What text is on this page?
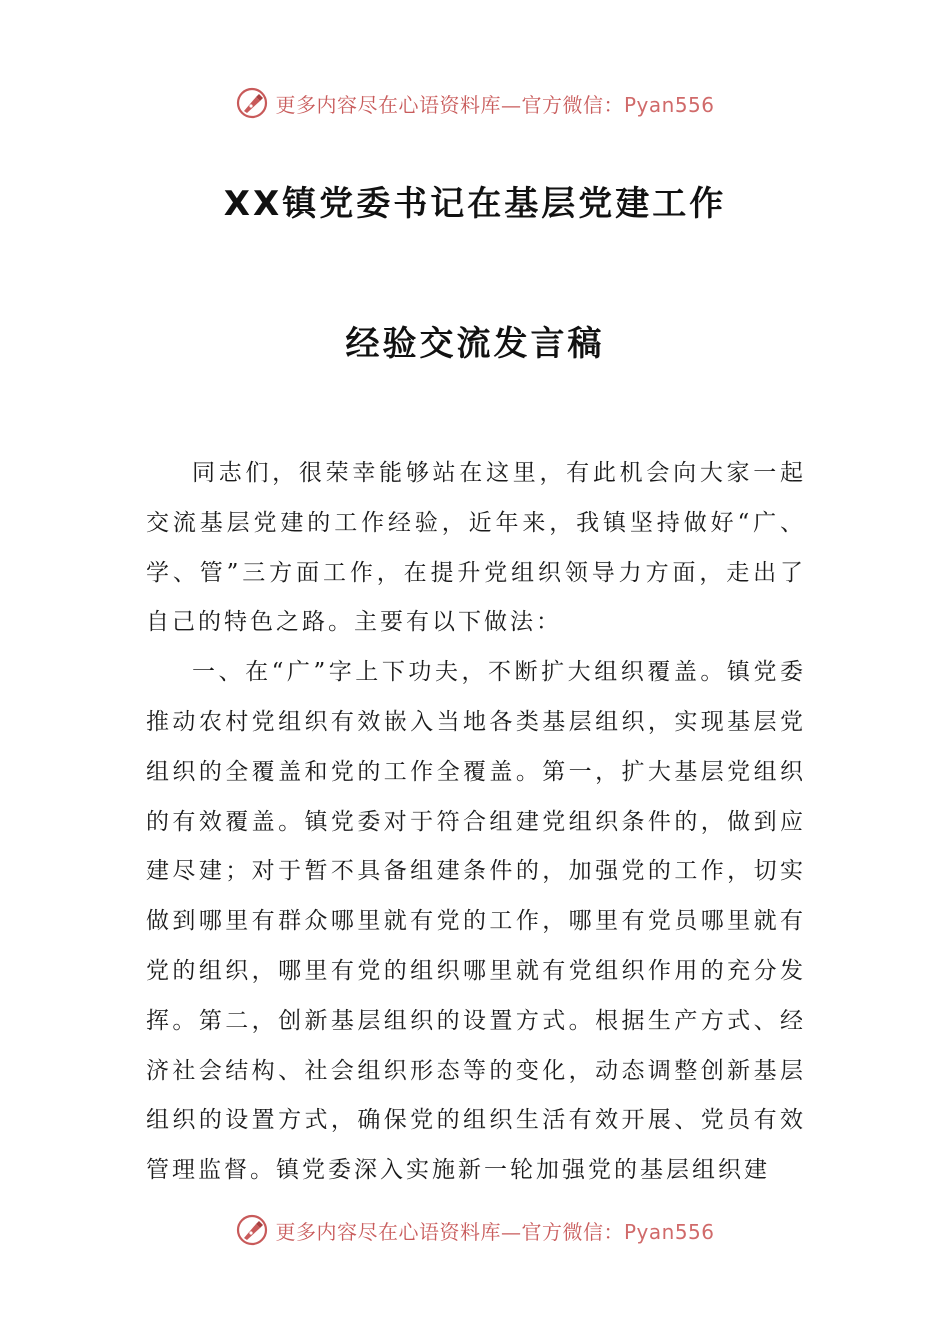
更多内容尽在心语资料库—官方微信：Pyan556
XX镇党委书记在基层党建工作
经验交流发言稿

同志们，很荣幸能够站在这里，有此机会向大家一起交流基层党建的工作经验，近年来，我镇坚持做好“广、学、管”三方面工作，在提升党组织领导力方面，走出了自己的特色之路。主要有以下做法：

一、在“广”字上下功夫，不断扩大组织覆盖。镇党委推动农村党组织有效嵌入当地各类基层组织，实现基层党组织的全覆盖和党的工作全覆盖。第一，扩大基层党组织的有效覆盖。镇党委对于符合组建党组织条件的，做到应建尽建；对于暂不具备组建条件的，加强党的工作，切实做到哪里有群众哪里就有党的工作，哪里有党员哪里就有党的组织，哪里有党的组织哪里就有党组织作用的充分发挥。第二，创新基层组织的设置方式。根据生产方式、经济社会结构、社会组织形态等的变化，动态调整创新基层组织的设置方式，确保党的组织生活有效开展、党员有效管理监督。镇党委深入实施新一轮加强党的基层组织建

更多内容尽在心语资料库—官方微信：Pyan556
